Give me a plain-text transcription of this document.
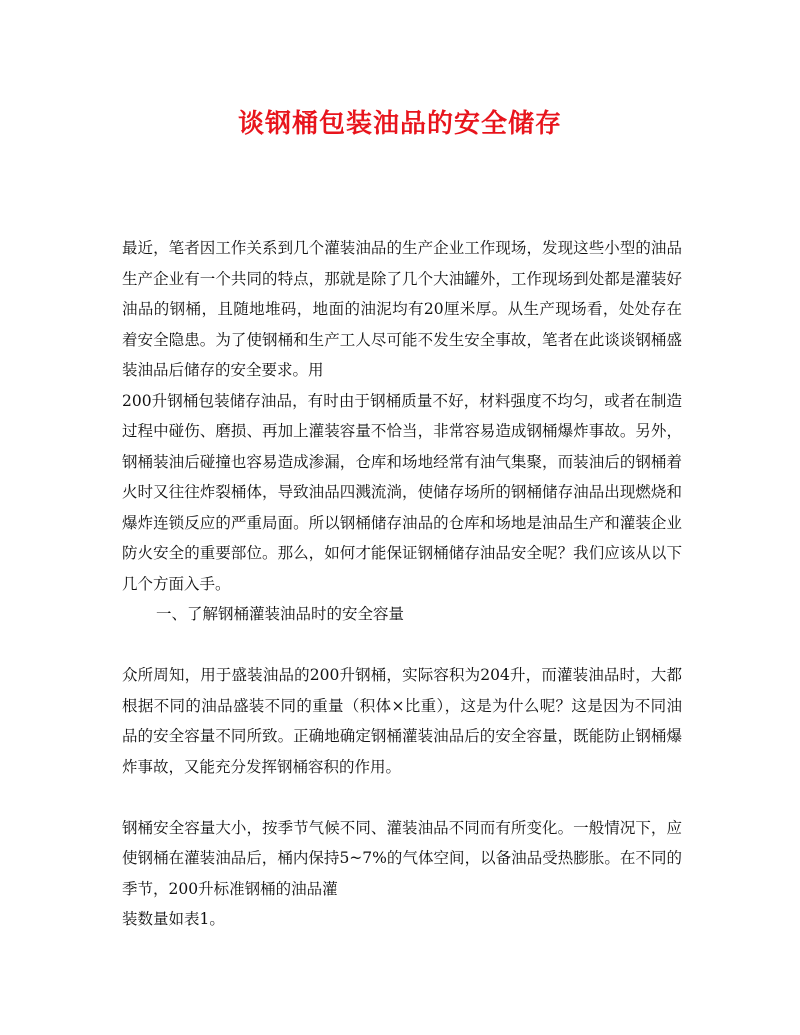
谈钢桶包装油品的安全储存

最近，笔者因工作关系到几个灌装油品的生产企业工作现场，发现这些小型的油品生产企业有一个共同的特点，那就是除了几个大油罐外，工作现场到处都是灌装好油品的钢桶，且随地堆码，地面的油泥均有20厘米厚。从生产现场看，处处存在着安全隐患。为了使钢桶和生产工人尽可能不发生安全事故，笔者在此谈谈钢桶盛装油品后储存的安全要求。用

200升钢桶包装储存油品，有时由于钢桶质量不好，材料强度不均匀，或者在制造过程中碰伤、磨损、再加上灌装容量不恰当，非常容易造成钢桶爆炸事故。另外，钢桶装油后碰撞也容易造成渗漏，仓库和场地经常有油气集聚，而装油后的钢桶着火时又往往炸裂桶体，导致油品四溅流淌，使储存场所的钢桶储存油品出现燃烧和爆炸连锁反应的严重局面。所以钢桶储存油品的仓库和场地是油品生产和灌装企业防火安全的重要部位。那么，如何才能保证钢桶储存油品安全呢？我们应该从以下几个方面入手。

一、了解钢桶灌装油品时的安全容量

众所周知，用于盛装油品的200升钢桶，实际容积为204升，而灌装油品时，大都根据不同的油品盛装不同的重量（积体×比重），这是为什么呢？这是因为不同油品的安全容量不同所致。正确地确定钢桶灌装油品后的安全容量，既能防止钢桶爆炸事故，又能充分发挥钢桶容积的作用。

钢桶安全容量大小，按季节气候不同、灌装油品不同而有所变化。一般情况下，应使钢桶在灌装油品后，桶内保持5~7%的气体空间，以备油品受热膨胀。在不同的季节，200升标准钢桶的油品灌

装数量如表1。
